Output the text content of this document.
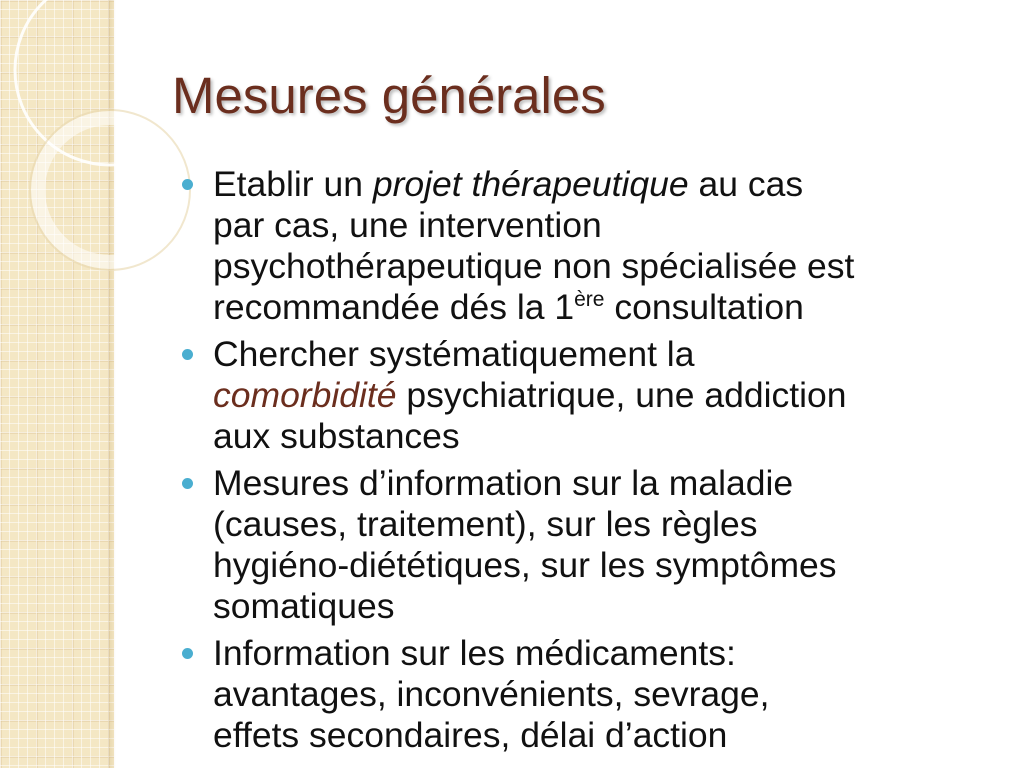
Mesures générales
Etablir un projet thérapeutique au cas
par cas, une intervention
psychothérapeutique non spécialisée est
recommandée dés la 1ère consultation
Chercher systématiquement la
comorbidité psychiatrique, une addiction
aux substances
Mesures d’information sur la maladie
(causes, traitement), sur les règles
hygiéno-diététiques, sur les symptômes
somatiques
Information sur les médicaments:
avantages, inconvénients, sevrage,
effets secondaires, délai d’action
